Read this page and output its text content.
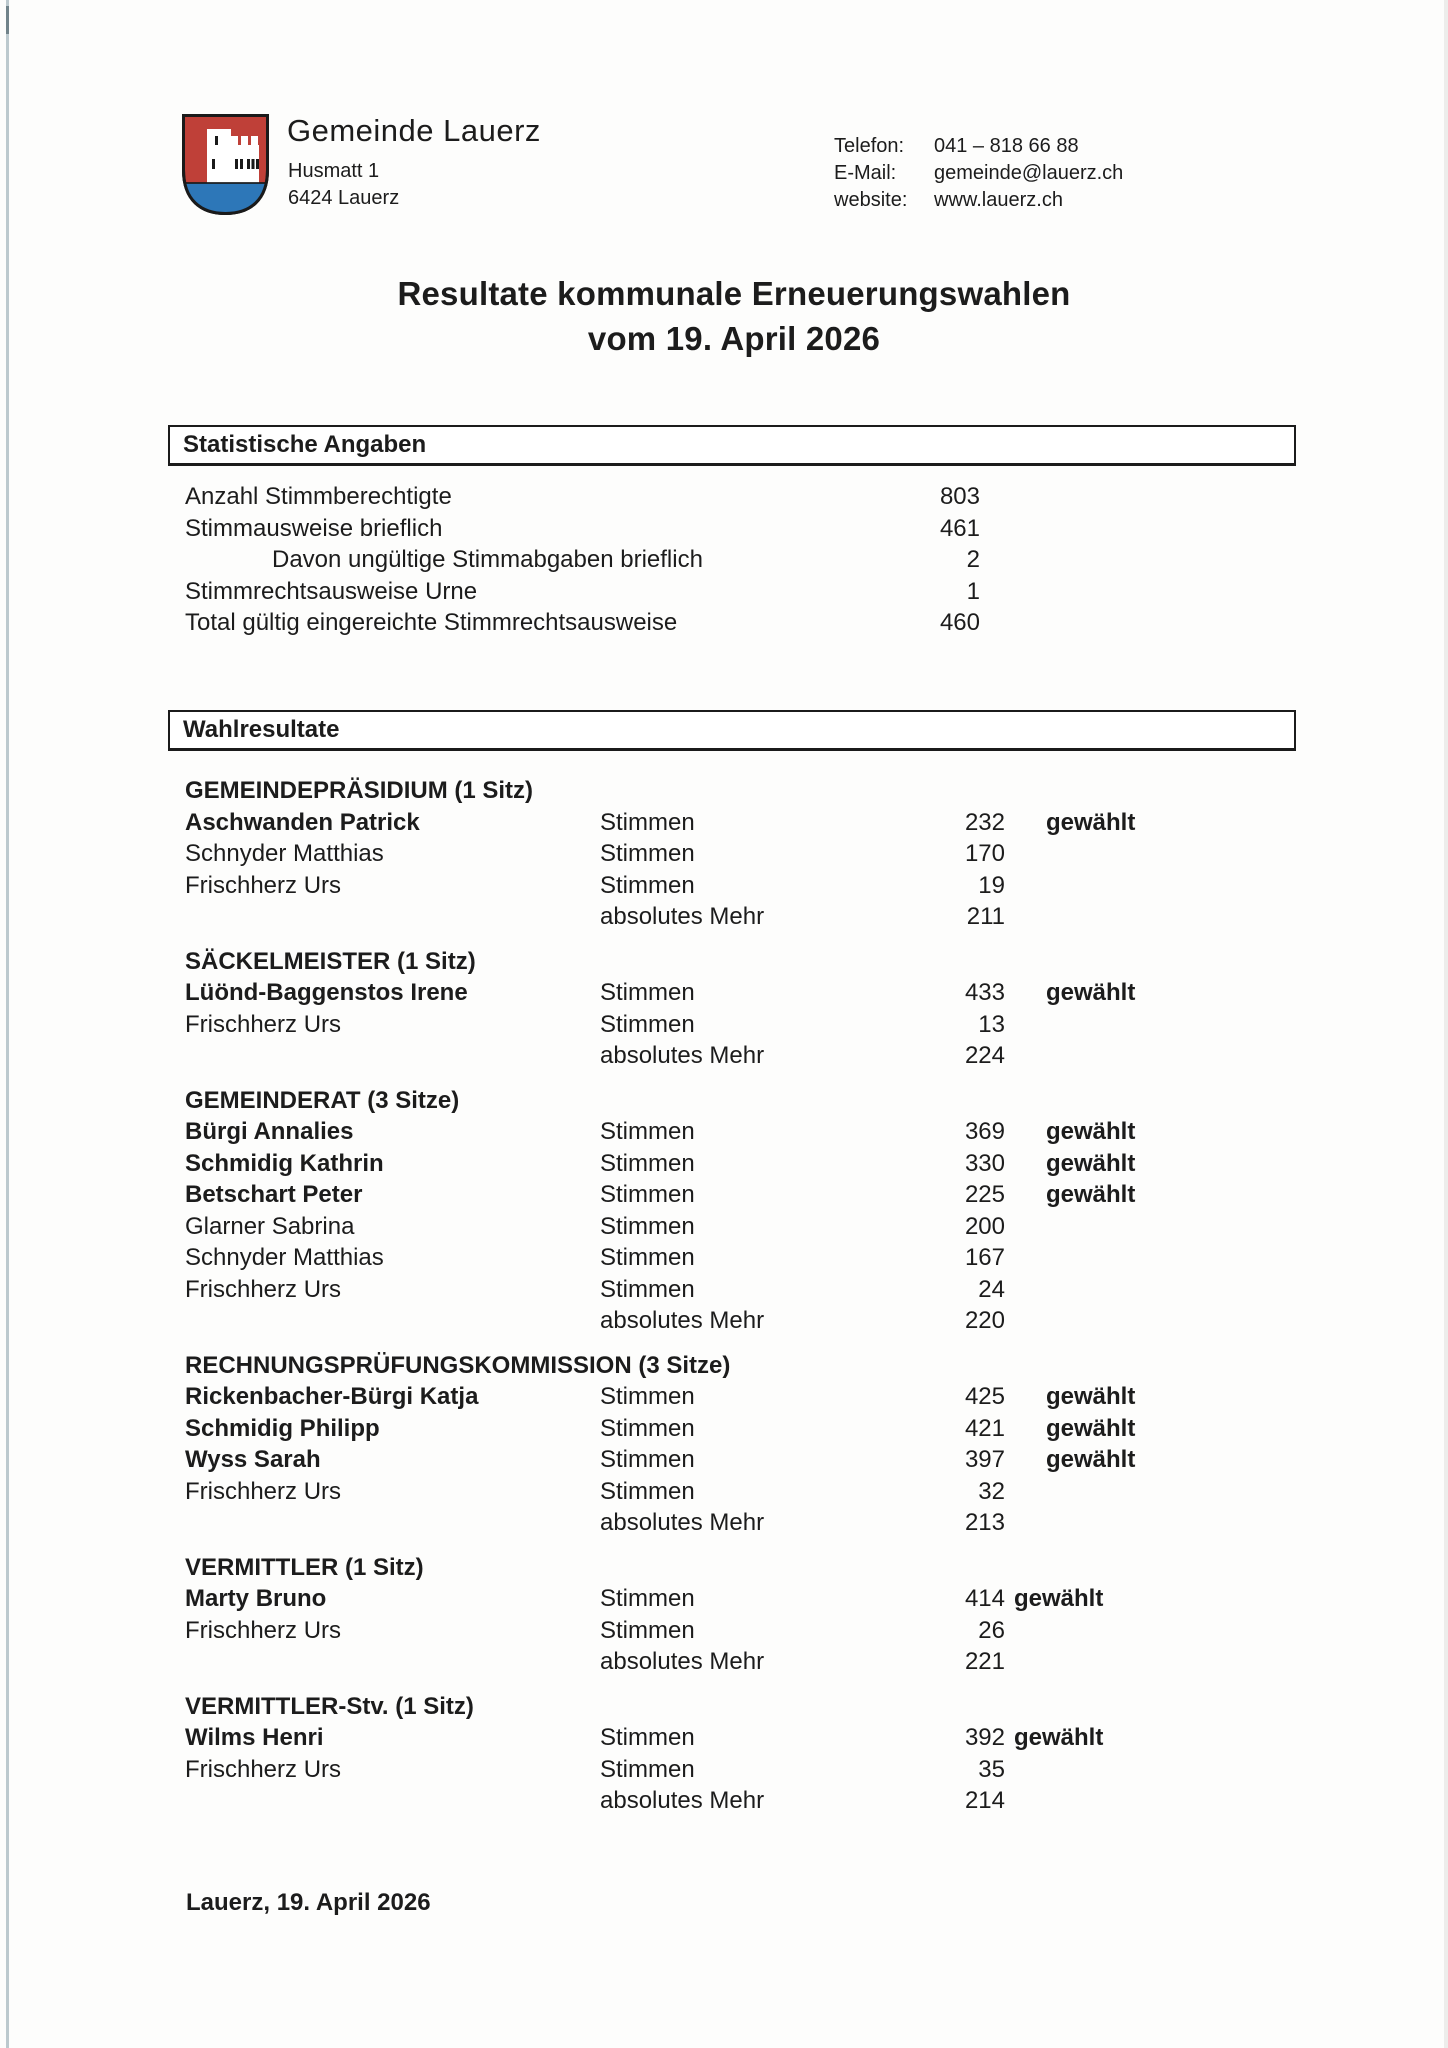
Gemeinde Lauerz
Husmatt 1
6424 Lauerz
Telefon:	041 – 818 66 88
E-Mail:	gemeinde@lauerz.ch
website:	www.lauerz.ch
Resultate kommunale Erneuerungswahlen
vom 19. April 2026
Statistische Angaben
Anzahl Stimmberechtigte	803
Stimmausweise brieflich	461
Davon ungültige Stimmabgaben brieflich	2
Stimmrechtsausweise Urne	1
Total gültig eingereichte Stimmrechtsausweise	460
Wahlresultate
GEMEINDEPRÄSIDIUM (1 Sitz)
Aschwanden Patrick	Stimmen	232 gewählt
Schnyder Matthias	Stimmen	170
Frischherz Urs	Stimmen	19
absolutes Mehr	211
SÄCKELMEISTER (1 Sitz)
Lüönd-Baggenstos Irene	Stimmen	433 gewählt
Frischherz Urs	Stimmen	13
absolutes Mehr	224
GEMEINDERAT (3 Sitze)
Bürgi Annalies	Stimmen	369 gewählt
Schmidig Kathrin	Stimmen	330 gewählt
Betschart Peter	Stimmen	225 gewählt
Glarner Sabrina	Stimmen	200
Schnyder Matthias	Stimmen	167
Frischherz Urs	Stimmen	24
absolutes Mehr	220
RECHNUNGSPRÜFUNGSKOMMISSION (3 Sitze)
Rickenbacher-Bürgi Katja	Stimmen	425 gewählt
Schmidig Philipp	Stimmen	421 gewählt
Wyss Sarah	Stimmen	397 gewählt
Frischherz Urs	Stimmen	32
absolutes Mehr	213
VERMITTLER (1 Sitz)
Marty Bruno	Stimmen	414 gewählt
Frischherz Urs	Stimmen	26
absolutes Mehr	221
VERMITTLER-Stv. (1 Sitz)
Wilms Henri	Stimmen	392 gewählt
Frischherz Urs	Stimmen	35
absolutes Mehr	214
Lauerz, 19. April 2026
